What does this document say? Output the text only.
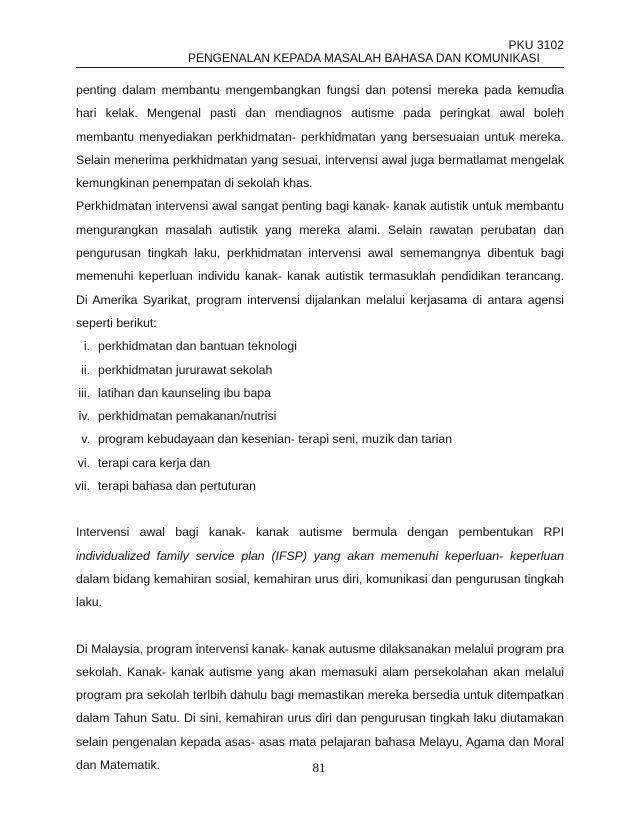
PKU 3102
PENGENALAN KEPADA MASALAH BAHASA DAN KOMUNIKASI

penting dalam membantu mengembangkan fungsi dan potensi mereka pada kemudia hari kelak. Mengenal pasti dan mendiagnos autisme pada peringkat awal boleh membantu menyediakan perkhidmatan- perkhidmatan yang bersesuaian untuk mereka. Selain menerima perkhidmatan yang sesuai, intervensi awal juga bermatlamat mengelak kemungkinan penempatan di sekolah khas.

Perkhidmatan intervensi awal sangat penting bagi kanak- kanak autistik untuk membantu mengurangkan masalah autistik yang mereka alami. Selain rawatan perubatan dan pengurusan tingkah laku, perkhidmatan intervensi awal sememangnya dibentuk bagi memenuhi keperluan individu kanak- kanak autistik termasuklah pendidikan terancang. Di Amerika Syarikat, program intervensi dijalankan melalui kerjasama di antara agensi seperti berikut:

i. perkhidmatan dan bantuan teknologi
ii. perkhidmatan jururawat sekolah
iii. latihan dan kaunseling ibu bapa
iv. perkhidmatan pemakanan/nutrisi
v. program kebudayaan dan kesenian- terapi seni, muzik dan tarian
vi. terapi cara kerja dan
vii. terapi bahasa dan pertuturan

Intervensi awal bagi kanak- kanak autisme bermula dengan pembentukan RPI individualized family service plan (IFSP) yang akan memenuhi keperluan- keperluan dalam bidang kemahiran sosial, kemahiran urus diri, komunikasi dan pengurusan tingkah laku.

Di Malaysia, program intervensi kanak- kanak autusme dilaksanakan melalui program pra sekolah. Kanak- kanak autisme yang akan memasuki alam persekolahan akan melalui program pra sekolah terlbih dahulu bagi memastikan mereka bersedia untuk ditempatkan dalam Tahun Satu. Di sini, kemahiran urus diri dan pengurusan tingkah laku diutamakan selain pengenalan kepada asas- asas mata pelajaran bahasa Melayu, Agama dan Moral dan Matematik.	81
